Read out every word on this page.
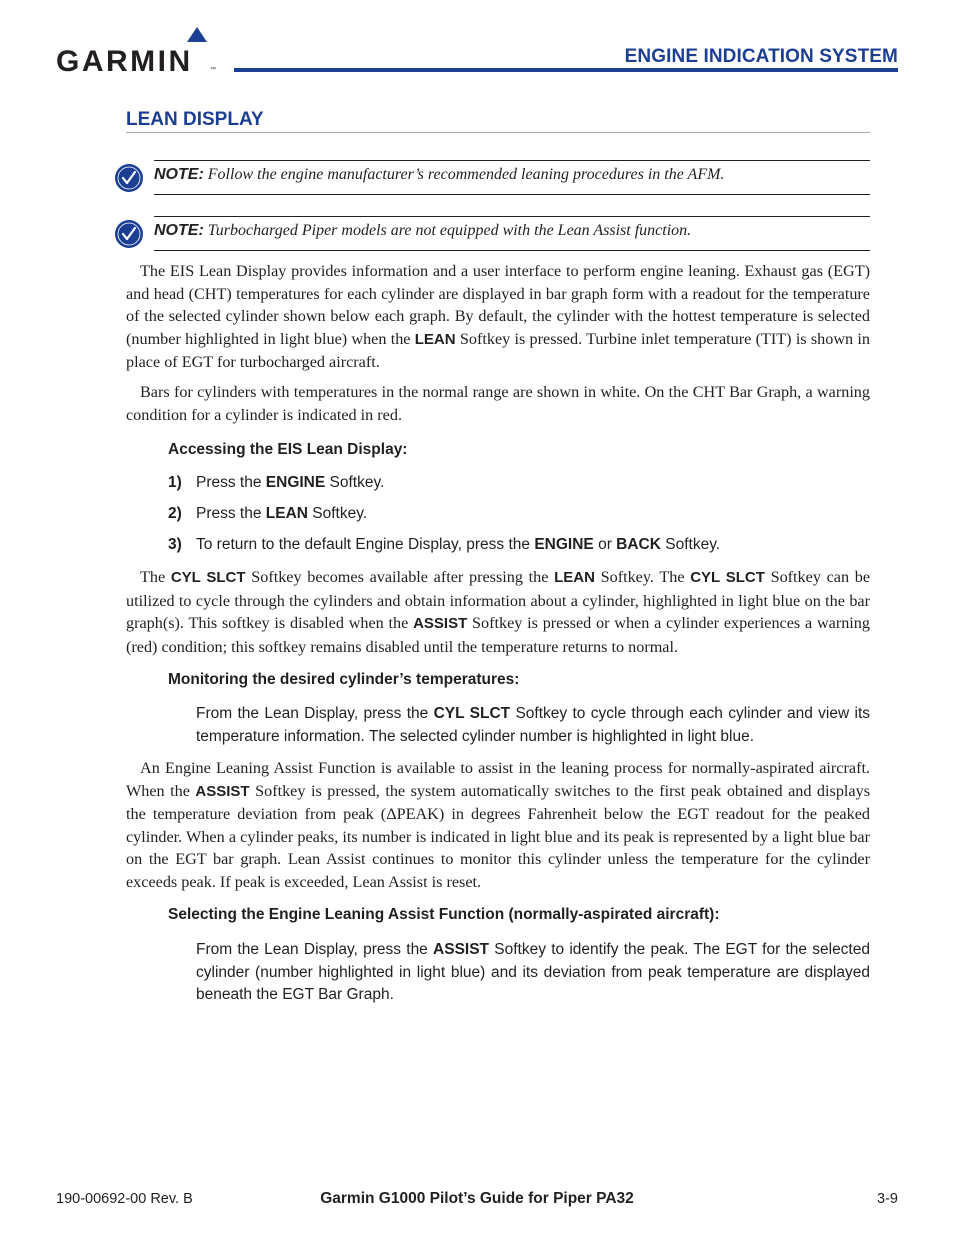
GARMIN	™
ENGINE INDICATION SYSTEM
LEAN DISPLAY
NOTE: Follow the engine manufacturer’s recommended leaning procedures in the AFM.
NOTE: Turbocharged Piper models are not equipped with the Lean Assist function.

The EIS Lean Display provides information and a user interface to perform engine leaning. Exhaust gas (EGT) and head (CHT) temperatures for each cylinder are displayed in bar graph form with a readout for the temperature of the selected cylinder shown below each graph. By default, the cylinder with the hottest temperature is selected (number highlighted in light blue) when the LEAN Softkey is pressed. Turbine inlet temperature (TIT) is shown in place of EGT for turbocharged aircraft.

Bars for cylinders with temperatures in the normal range are shown in white. On the CHT Bar Graph, a warning condition for a cylinder is indicated in red.

Accessing the EIS Lean Display:
1) Press the ENGINE Softkey.
2) Press the LEAN Softkey.
3) To return to the default Engine Display, press the ENGINE or BACK Softkey.

The CYL SLCT Softkey becomes available after pressing the LEAN Softkey. The CYL SLCT Softkey can be utilized to cycle through the cylinders and obtain information about a cylinder, highlighted in light blue on the bar graph(s). This softkey is disabled when the ASSIST Softkey is pressed or when a cylinder experiences a warning (red) condition; this softkey remains disabled until the temperature returns to normal.

Monitoring the desired cylinder’s temperatures:

From the Lean Display, press the CYL SLCT Softkey to cycle through each cylinder and view its temperature information. The selected cylinder number is highlighted in light blue.

An Engine Leaning Assist Function is available to assist in the leaning process for normally-aspirated aircraft. When the ASSIST Softkey is pressed, the system automatically switches to the first peak obtained and displays the temperature deviation from peak (ΔPEAK) in degrees Fahrenheit below the EGT readout for the peaked cylinder. When a cylinder peaks, its number is indicated in light blue and its peak is represented by a light blue bar on the EGT bar graph. Lean Assist continues to monitor this cylinder unless the temperature for the cylinder exceeds peak. If peak is exceeded, Lean Assist is reset.

Selecting the Engine Leaning Assist Function (normally-aspirated aircraft):

From the Lean Display, press the ASSIST Softkey to identify the peak. The EGT for the selected cylinder (number highlighted in light blue) and its deviation from peak temperature are displayed beneath the EGT Bar Graph.

190-00692-00 Rev. B	Garmin G1000 Pilot’s Guide for Piper PA32	3-9
